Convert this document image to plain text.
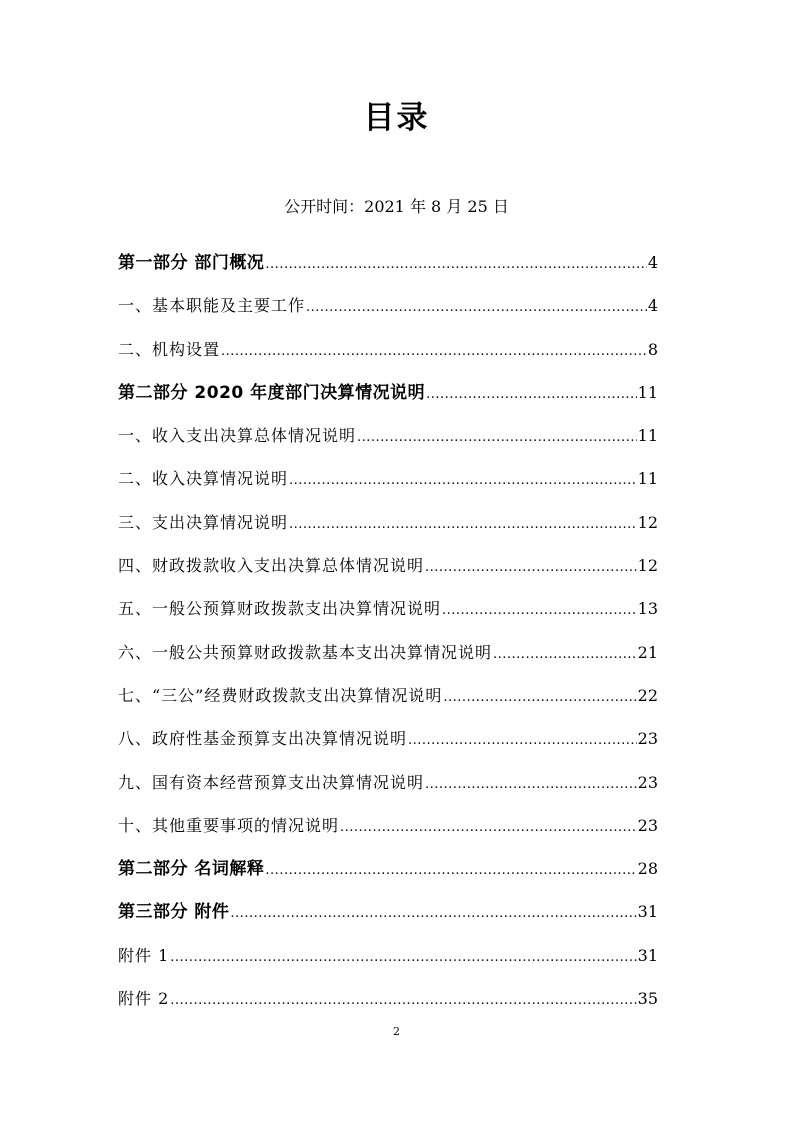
目录
公开时间：2021 年 8 月 25 日
第一部分 部门概况 .....	4
一、基本职能及主要工作 .....	4
二、机构设置 .....	8
第二部分 2020 年度部门决算情况说明 .....	11
一、收入支出决算总体情况说明 .....	11
二、收入决算情况说明 .....	11
三、支出决算情况说明 .....	12
四、财政拨款收入支出决算总体情况说明 .....	12
五、一般公预算财政拨款支出决算情况说明 .....	13
六、一般公共预算财政拨款基本支出决算情况说明 .....	21
七、“三公”经费财政拨款支出决算情况说明 .....	22
八、政府性基金预算支出决算情况说明 .....	23
九、国有资本经营预算支出决算情况说明 .....	23
十、其他重要事项的情况说明 .....	23
第二部分 名词解释 .....	28
第三部分 附件 .....	31
附件 1 .....	31
附件 2 .....	35
2
